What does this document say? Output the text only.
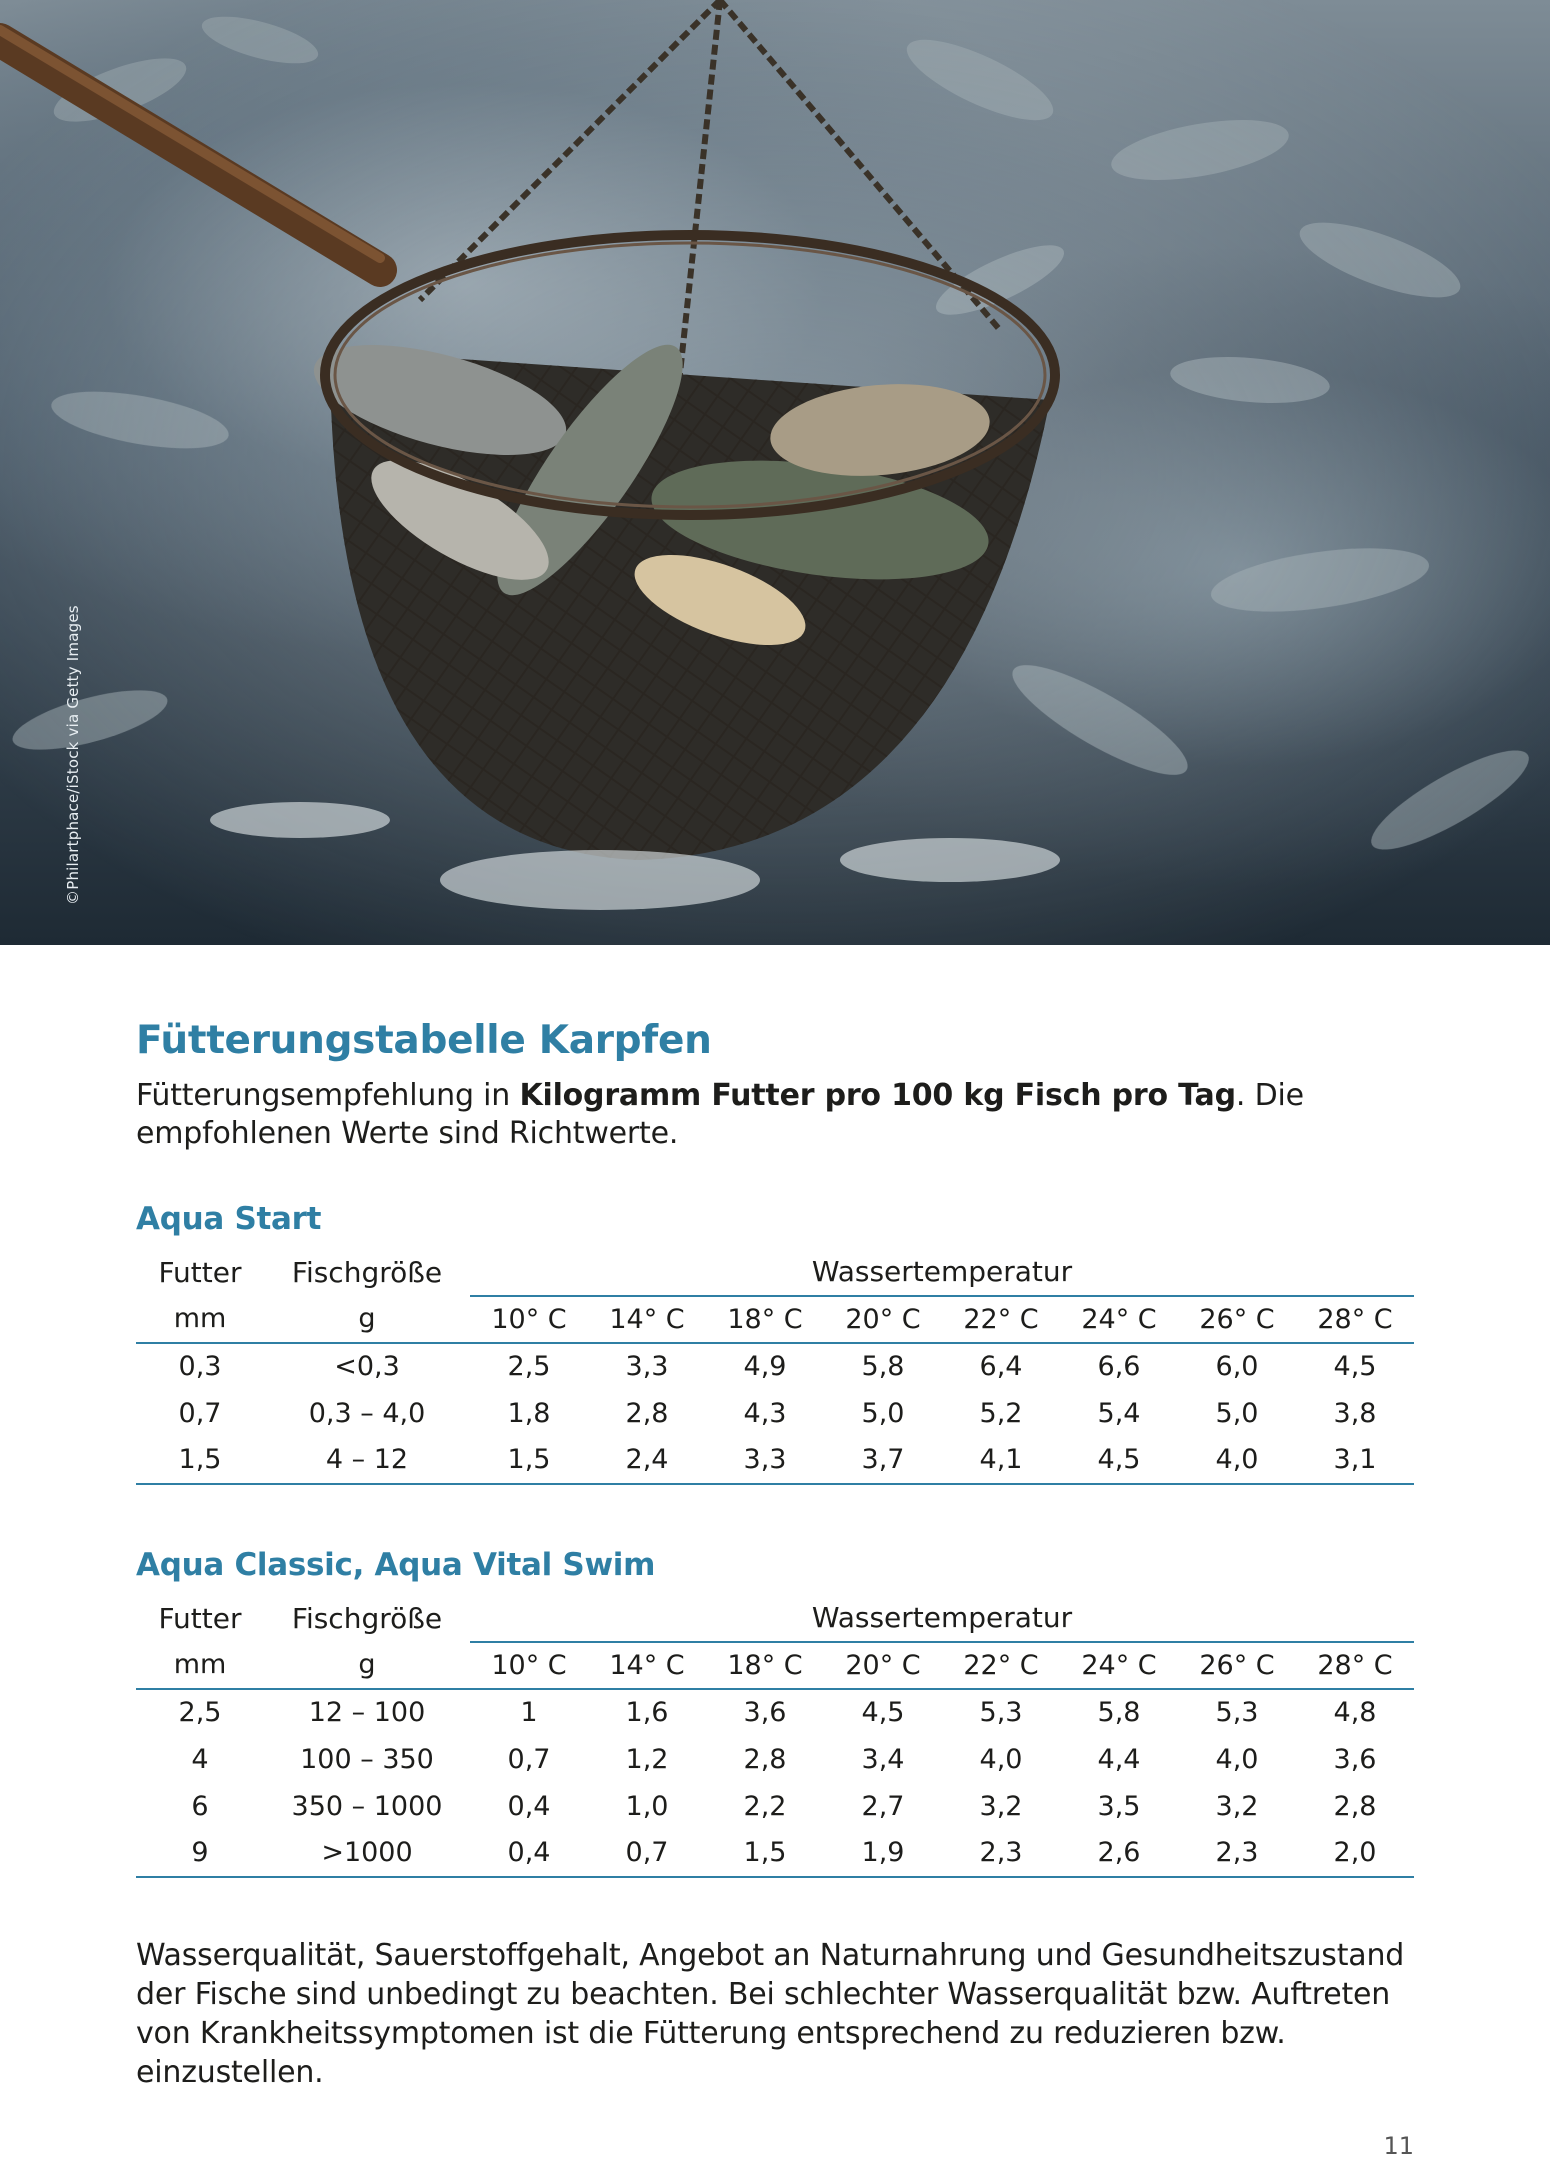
©Philartphace/iStock via Getty Images
Fütterungstabelle Karpfen

Fütterungsempfehlung in Kilogramm Futter pro 100 kg Fisch pro Tag. Die empfohlenen Werte sind Richtwerte.

Aqua Start
Futter	Fischgröße	Wassertemperatur							
mm	g	10° C	14° C	18° C	20° C	22° C	24° C	26° C	28° C
0,3	<0,3	2,5	3,3	4,9	5,8	6,4	6,6	6,0	4,5
0,7	0,3 – 4,0	1,8	2,8	4,3	5,0	5,2	5,4	5,0	3,8
1,5	4 – 12	1,5	2,4	3,3	3,7	4,1	4,5	4,0	3,1
Aqua Classic, Aqua Vital Swim
Futter	Fischgröße	Wassertemperatur							
mm	g	10° C	14° C	18° C	20° C	22° C	24° C	26° C	28° C
2,5	12 – 100	1	1,6	3,6	4,5	5,3	5,8	5,3	4,8
4	100 – 350	0,7	1,2	2,8	3,4	4,0	4,4	4,0	3,6
6	350 – 1000	0,4	1,0	2,2	2,7	3,2	3,5	3,2	2,8
9	>1000	0,4	0,7	1,5	1,9	2,3	2,6	2,3	2,0

Wasserqualität, Sauerstoffgehalt, Angebot an Naturnahrung und Gesundheitszustand der Fische sind unbedingt zu beachten. Bei schlechter Wasserqualität bzw. Auftreten von Krankheitssymptomen ist die Fütterung entsprechend zu reduzieren bzw. einzustellen.

11
